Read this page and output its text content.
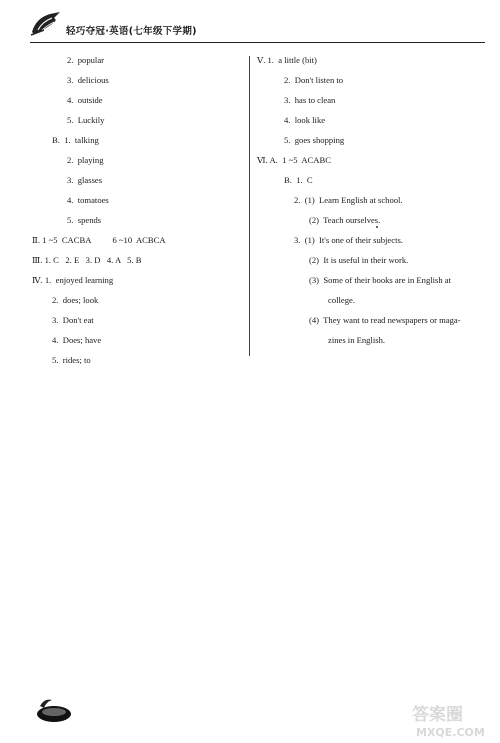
轻巧夺冠·英语(七年级下学期)
2.  popular
3.  delicious
4.  outside
5.  Luckily
B.  1.  talking
2.  playing
3.  glasses
4.  tomatoes
5.  spends
Ⅱ. 1 ~5  CACBA          6 ~10  ACBCA
Ⅲ. 1. C   2. E   3. D   4. A   5. B
Ⅳ. 1.  enjoyed learning
2.  does; look
3.  Don't eat
4.  Does; have
5.  rides; to
Ⅴ. 1.  a little (bit)
2.  Don't listen to
3.  has to clean
4.  look like
5.  goes shopping
Ⅵ. A.  1 ~5  ACABC
B.  1.  C
2.  (1)  Learn English at school.
(2)  Teach ourselves.
3.  (1)  It's one of their subjects.
(2)  It is useful in their work.
(3)  Some of their books are in English at
college.
(4)  They want to read newspapers or maga-
zines in English.
答案圈
MXQE.COM
